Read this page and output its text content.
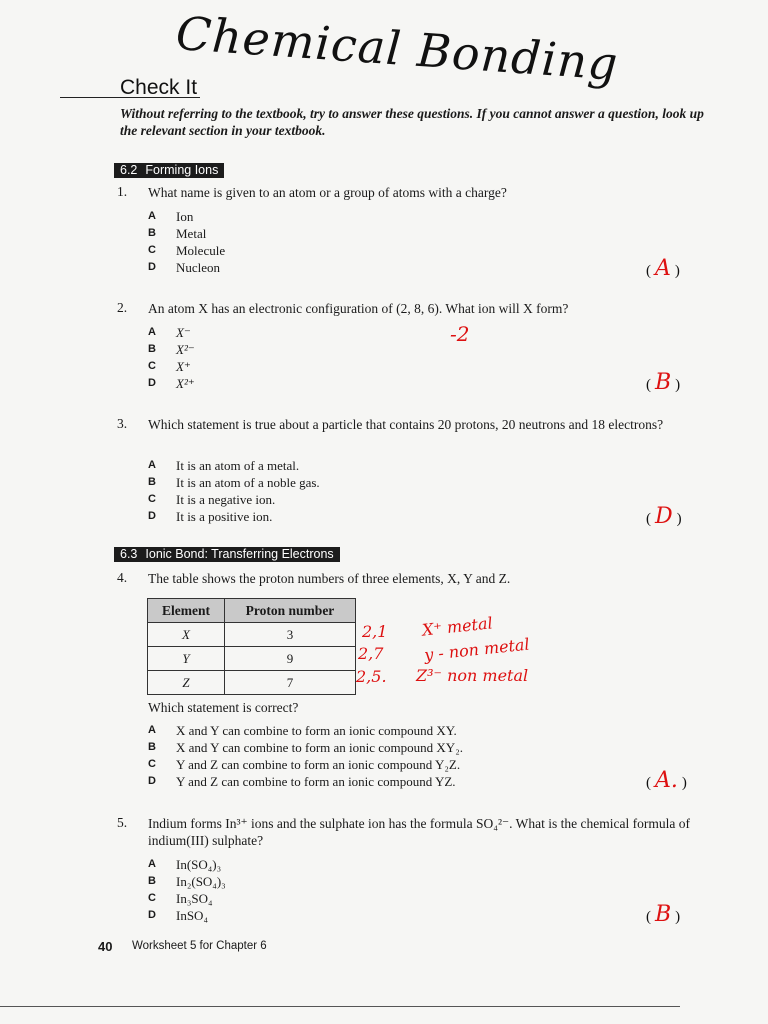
Chemical Bonding
Check It
Without referring to the textbook, try to answer these questions. If you cannot answer a question, look up the relevant section in your textbook.
6.2 Forming Ions
1. What name is given to an atom or a group of atoms with a charge?
A Ion
B Metal
C Molecule
D Nucleon	( A )
2. An atom X has an electronic configuration of (2, 8, 6). What ion will X form?
A X⁻
B X²⁻
C X⁺
D X²⁺
-2
( B )
3. Which statement is true about a particle that contains 20 protons, 20 neutrons and 18 electrons?
A It is an atom of a metal.
B It is an atom of a noble gas.
C It is a negative ion.
D It is a positive ion.	( D )
6.3 Ionic Bond: Transferring Electrons
4. The table shows the proton numbers of three elements, X, Y and Z.
Element	Proton number
X	3
Y	9
Z	7
2,1
2,7
2,5.
X⁺ metal
y - non metal
Z³⁻ non metal
Which statement is correct?
A X and Y can combine to form an ionic compound XY.
B X and Y can combine to form an ionic compound XY₂.
C Y and Z can combine to form an ionic compound Y₂Z.
D Y and Z can combine to form an ionic compound YZ.	( A. )
5. Indium forms In³⁺ ions and the sulphate ion has the formula SO₄²⁻. What is the chemical formula of indium(III) sulphate?
A In(SO₄)₃
B In₂(SO₄)₃
C In₃SO₄
D InSO₄	( B )
40 Worksheet 5 for Chapter 6
